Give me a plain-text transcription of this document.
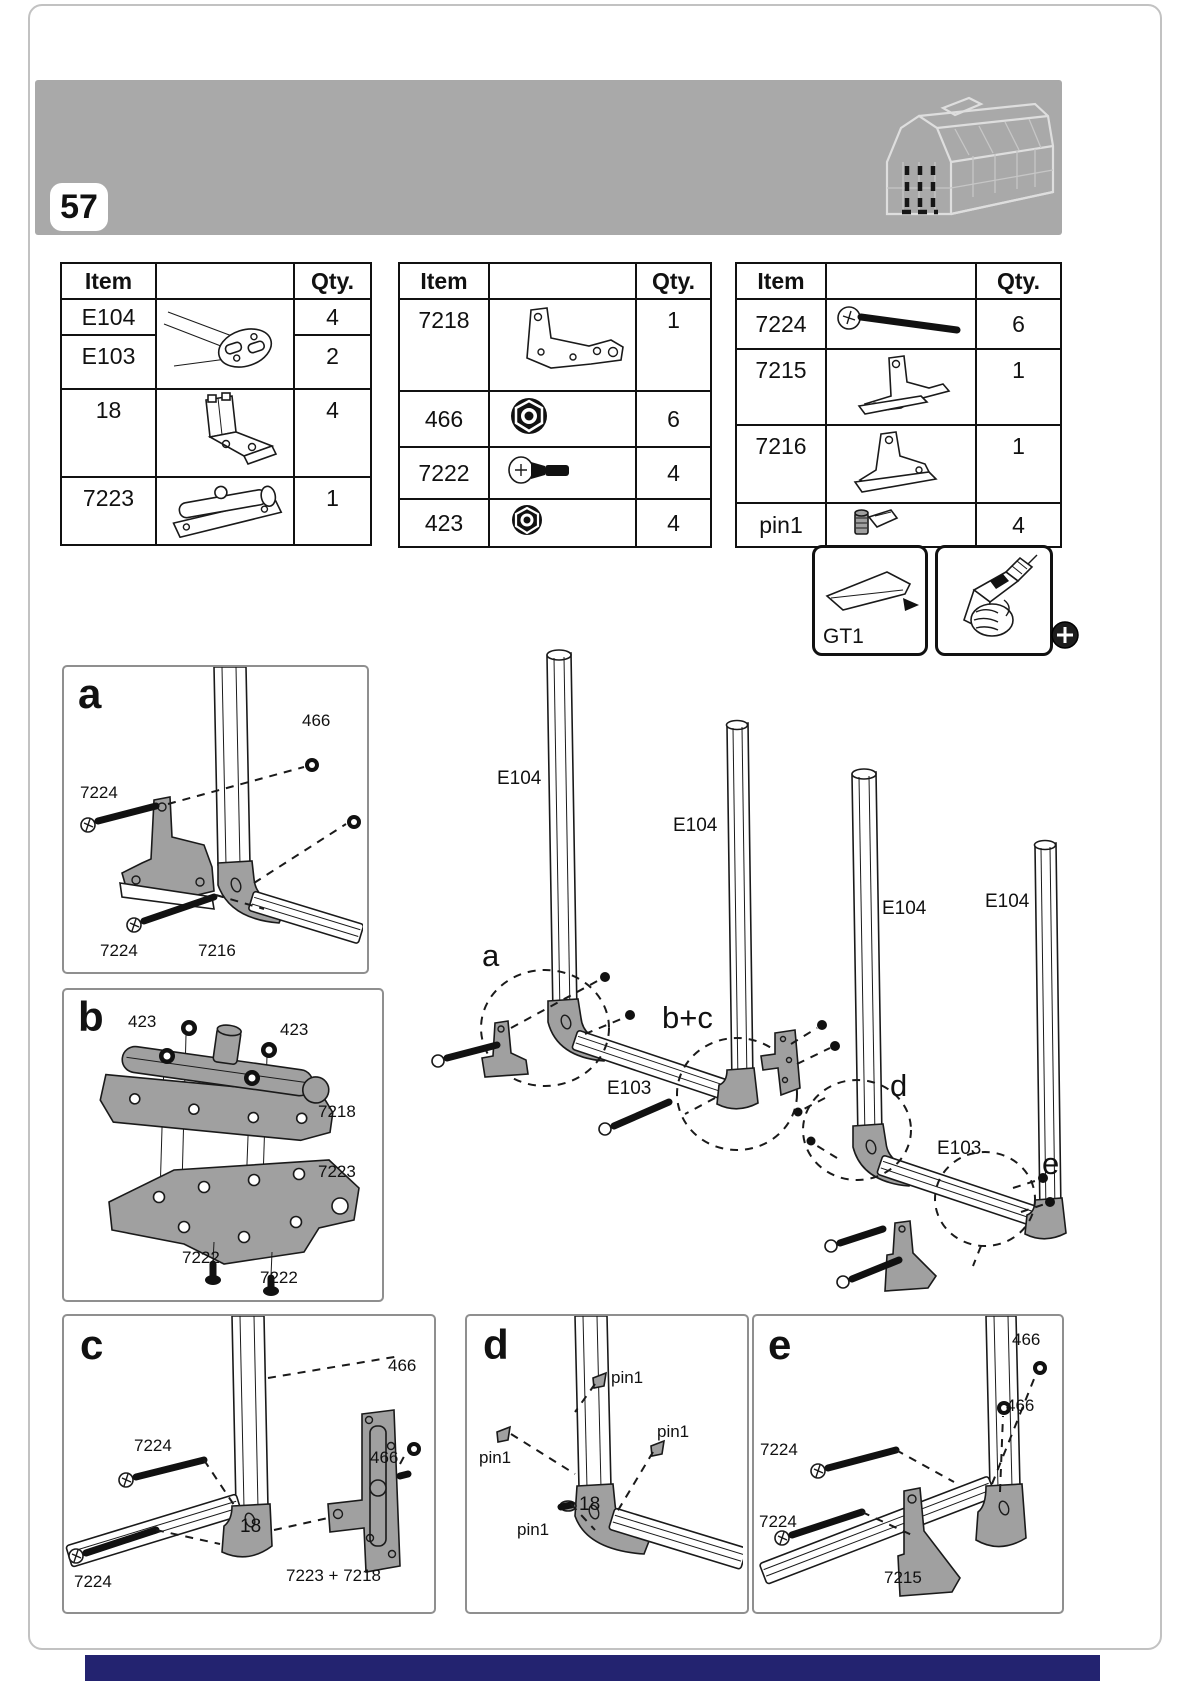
57
Item		Qty.
E104		4
E103		2
18		4
7223		1
Item		Qty.
7218		1
466		6
7222		4
423		4
Item		Qty.
7224		6
7215		1
7216		1
pin1		4
GT1
E104
E104
E103
a
b+c
E104	E104
E103
d
e
a
466
7224
7224	7216
b 423	423
7218
7223
7222
7222
c	466
7224
466
18
7224	7223 + 7218
d
pin1
pin1
pin1
pin1
18
e	466
466
7224
7224
7215
